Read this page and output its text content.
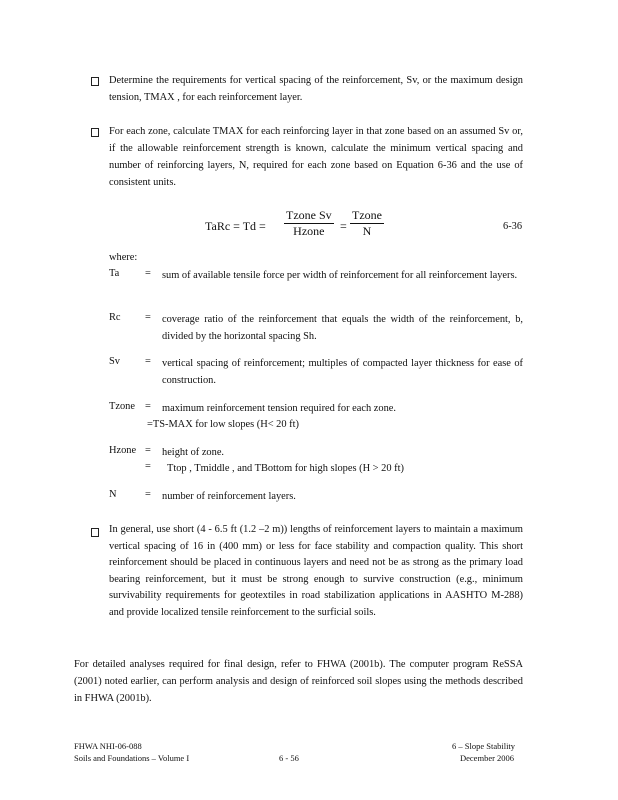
Determine the requirements for vertical spacing of the reinforcement, Sv, or the maximum design tension, TMAX , for each reinforcement layer.
For each zone, calculate TMAX for each reinforcing layer in that zone based on an assumed Sv or, if the allowable reinforcement strength is known, calculate the minimum vertical spacing and number of reinforcing layers, N, required for each zone based on Equation 6-36 and the use of consistent units.
TaRc = Td =
Tzone Sv
Hzone	=
Tzone
N	6-36
where:
Ta = sum of available tensile force per width of reinforcement for all reinforcement layers.
Rc = coverage ratio of the reinforcement that equals the width of the reinforcement, b, divided by the horizontal spacing Sh.
Sv = vertical spacing of reinforcement; multiples of compacted layer thickness for ease of construction.
Tzone = maximum reinforcement tension required for each zone.
=TS-MAX for low slopes (H< 20 ft)
Hzone = height of zone.
= Ttop , Tmiddle , and TBottom for high slopes (H > 20 ft)
N	= number of reinforcement layers.
In general, use short (4 - 6.5 ft (1.2 –2 m)) lengths of reinforcement layers to maintain a maximum vertical spacing of 16 in (400 mm) or less for face stability and compaction quality. This short reinforcement should be placed in continuous layers and need not be as strong as the primary load bearing reinforcement, but it must be strong enough to survive construction (e.g., minimum survivability requirements for geotextiles in road stabilization applications in AASHTO M-288) and provide localized tensile reinforcement to the surficial soils.
For detailed analyses required for final design, refer to FHWA (2001b). The computer program ReSSA (2001) noted earlier, can perform analysis and design of reinforced soil slopes using the methods described in FHWA (2001b).
FHWA NHI-06-088
Soils and Foundations – Volume I	6 - 56
6 – Slope Stability
December 2006
